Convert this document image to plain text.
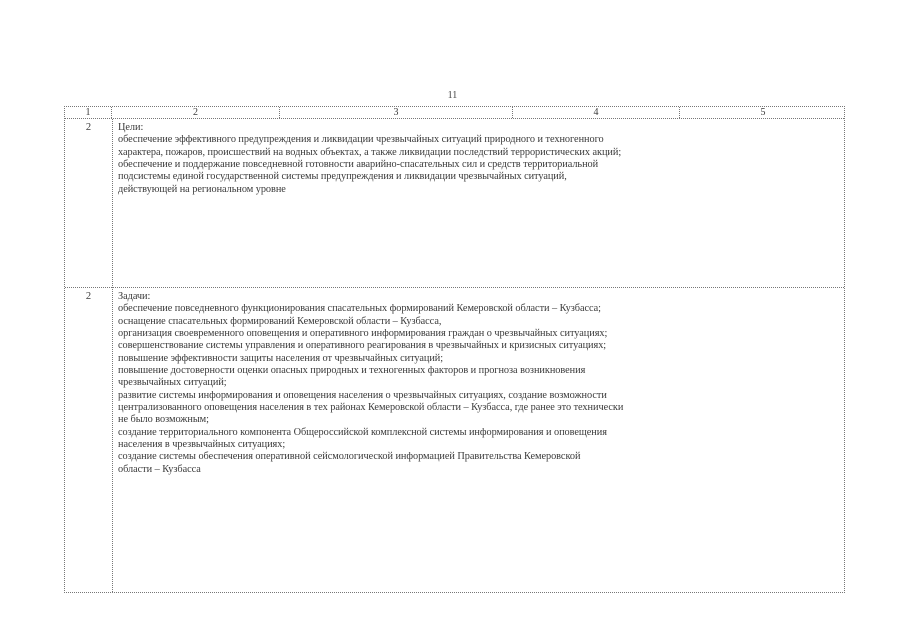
11
1	2	3	4	5
2	Цели:
обеспечение эффективного предупреждения и ликвидации чрезвычайных ситуаций природного и техногенного
характера, пожаров, происшествий на водных объектах, а также ликвидации последствий террористических акций;
обеспечение и поддержание повседневной готовности аварийно-спасательных сил и средств территориальной
подсистемы единой государственной системы предупреждения и ликвидации чрезвычайных ситуаций,
действующей на региональном уровне
2	Задачи:
обеспечение повседневного функционирования спасательных формирований Кемеровской области – Кузбасса;
оснащение спасательных формирований Кемеровской области – Кузбасса,
организация своевременного оповещения и оперативного информирования граждан о чрезвычайных ситуациях;
совершенствование системы управления и оперативного реагирования в чрезвычайных и кризисных ситуациях;
повышение эффективности защиты населения от чрезвычайных ситуаций;
повышение достоверности оценки опасных природных и техногенных факторов и прогноза возникновения
чрезвычайных ситуаций;
развитие системы информирования и оповещения населения о чрезвычайных ситуациях, создание возможности
централизованного оповещения населения в тех районах Кемеровской области – Кузбасса, где ранее это технически
не было возможным;
создание территориального компонента Общероссийской комплексной системы информирования и оповещения
населения в чрезвычайных ситуациях;
создание системы обеспечения оперативной сейсмологической информацией Правительства Кемеровской
области – Кузбасса
